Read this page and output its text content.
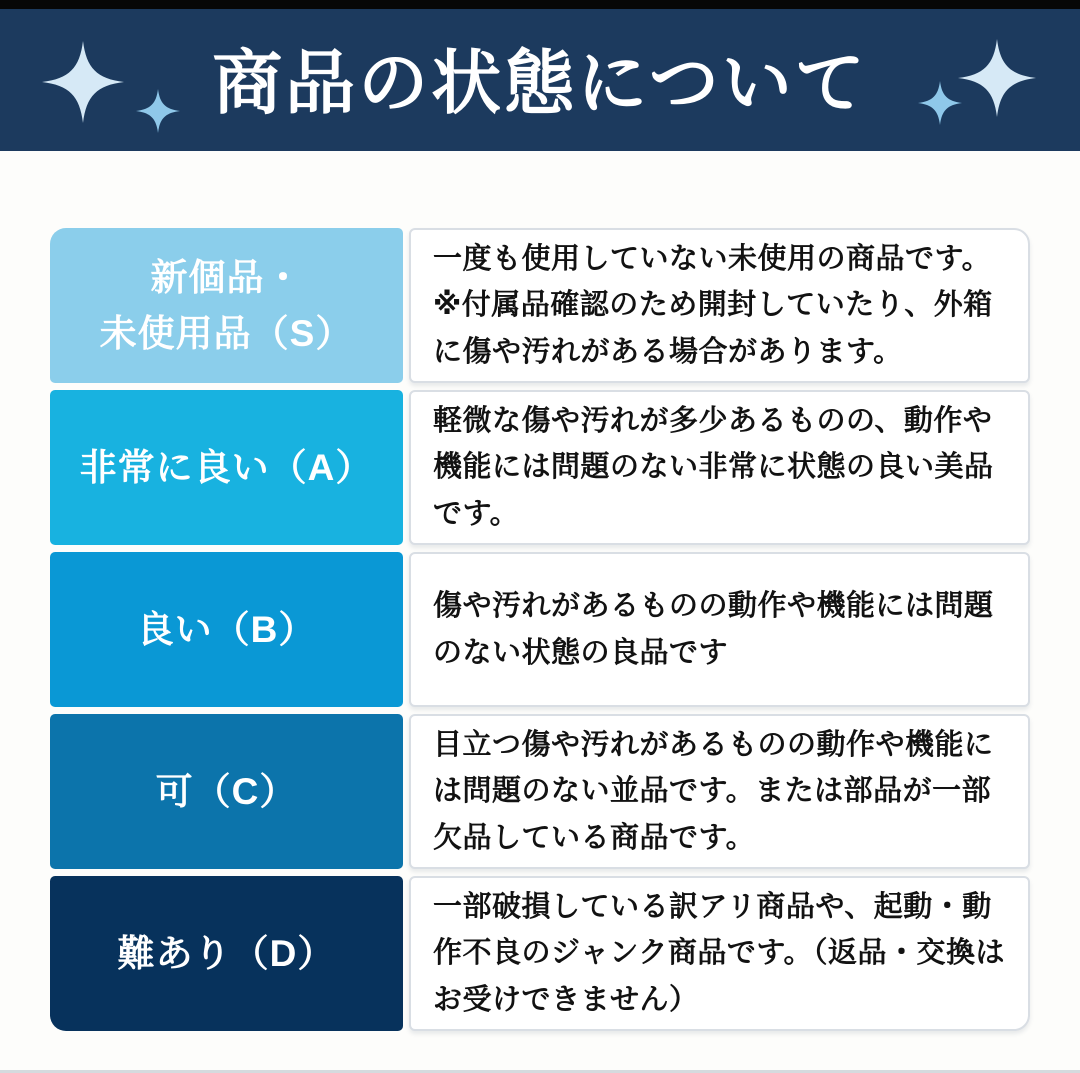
商品の状態について
新個品・
未使用品（S）

一度も使用していない未使用の商品です。※付属品確認のため開封していたり、外箱に傷や汚れがある場合があります。

非常に良い（A）

軽微な傷や汚れが多少あるものの、動作や機能には問題のない非常に状態の良い美品です。

良い（B）

傷や汚れがあるものの動作や機能には問題のない状態の良品です

可（C）

目立つ傷や汚れがあるものの動作や機能には問題のない並品です。または部品が一部欠品している商品です。

難あり（D）

一部破損している訳アリ商品や、起動・動作不良のジャンク商品です。（返品・交換はお受けできません）
